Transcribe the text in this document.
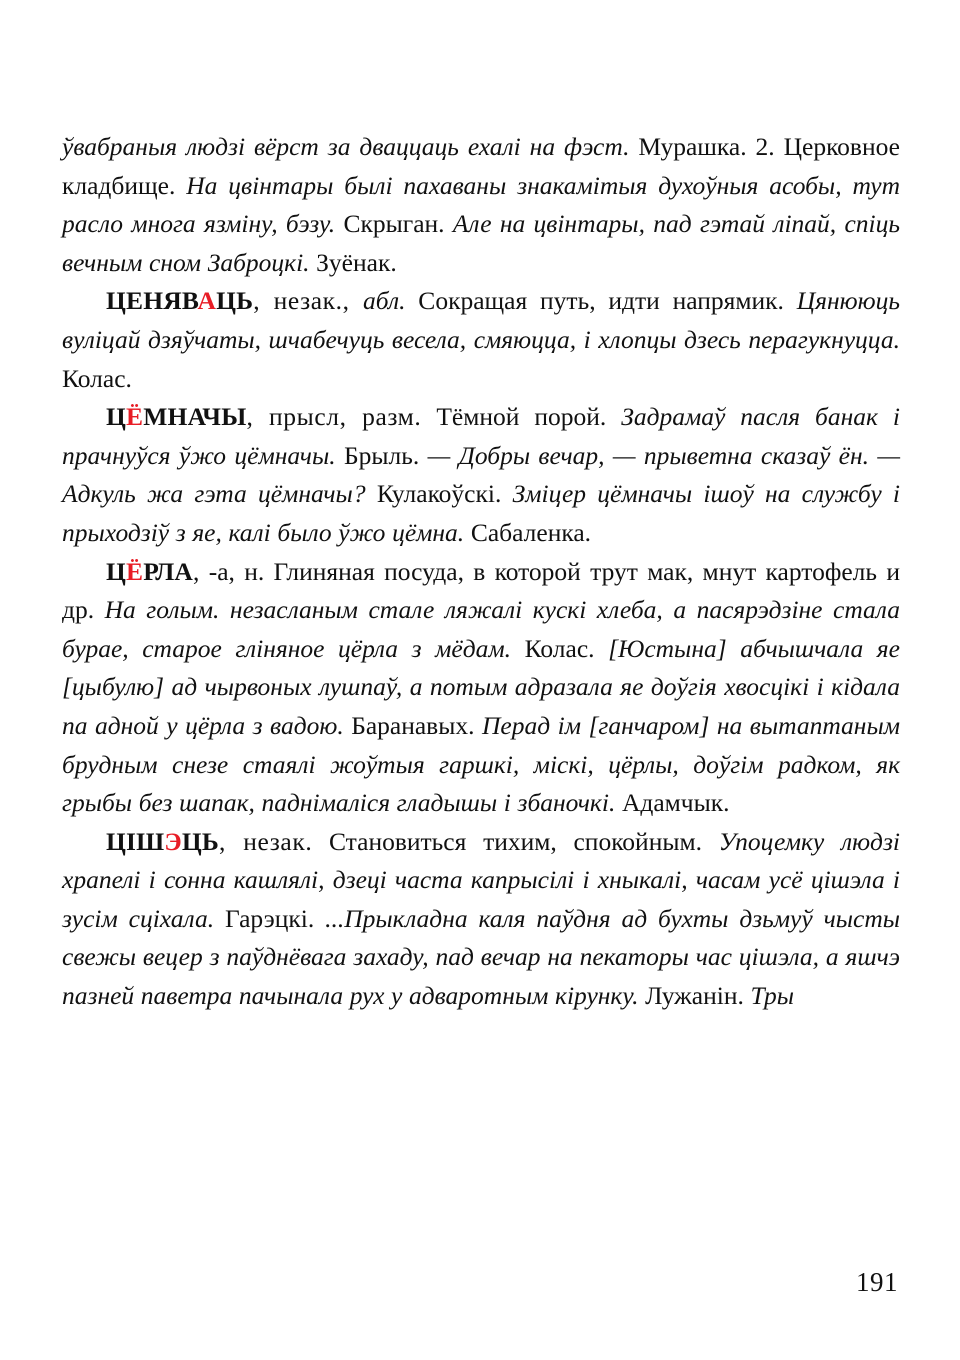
ўвабраныя людзі вёрст за дваццаць ехалі на фэст. Мурашка. 2. Церковное кладбище. На цвінтары былі пахаваны знакамітыя духоўныя асобы, тут расло многа язміну, бэзу. Скрыган. Але на цвінтары, пад гэтай ліпай, спіць вечным сном Заброцкі. Зуёнак.

ЦЕНЯВАЦЬ, незак., абл. Сокращая путь, идти напрямик. Цянююць вуліцай дзяўчаты, шчабечуць весела, смяюцца, і хлопцы дзесь перагукнуцца. Колас.

ЦЁМНАЧЫ, прысл, разм. Тёмной порой. Задрамаў пасля банак і прачнуўся ўжо цёмначы. Брыль. — Добры вечар, — прыветна сказаў ён. — Адкуль жа гэта цёмначы? Кулакоўскі. Зміцер цёмначы ішоў на службу і прыходзіў з яе, калі было ўжо цёмна. Сабаленка.

ЦЁРЛА, -а, н. Глиняная посуда, в которой трут мак, мнут картофель и др. На голым. незасланым стале ляжалі кускі хлеба, а пасярэдзіне стала бурае, старое гліняное цёрла з мёдам. Колас. [Юстына] абчышчала яе [цыбулю] ад чырвоных лушпаў, а потым адразала яе доўгія хвосцікі і кідала па адной у цёрла з вадою. Баранавых. Перад ім [ганчаром] на вытаптаным брудным снезе стаялі жоўтыя гаршкі, міскі, цёрлы, доўгім радком, як грыбы без шапак, паднімаліся гладышы і збаночкі. Адамчык.

ЦІШЭЦЬ, незак. Становиться тихим, спокойным. Упоцемку людзі храпелі і сонна кашлялі, дзеці часта капрысілі і хныкалі, часам усё цішэла і зусім сціхала. Гарэцкі. ...Прыкладна каля паўдня ад бухты дзьмуў чысты свежы вецер з паўднёвага захаду, пад вечар на пекаторы час цішэла, а яшчэ пазней паветра пачынала рух у адваротным кірунку. Лужанін. Тры

191
